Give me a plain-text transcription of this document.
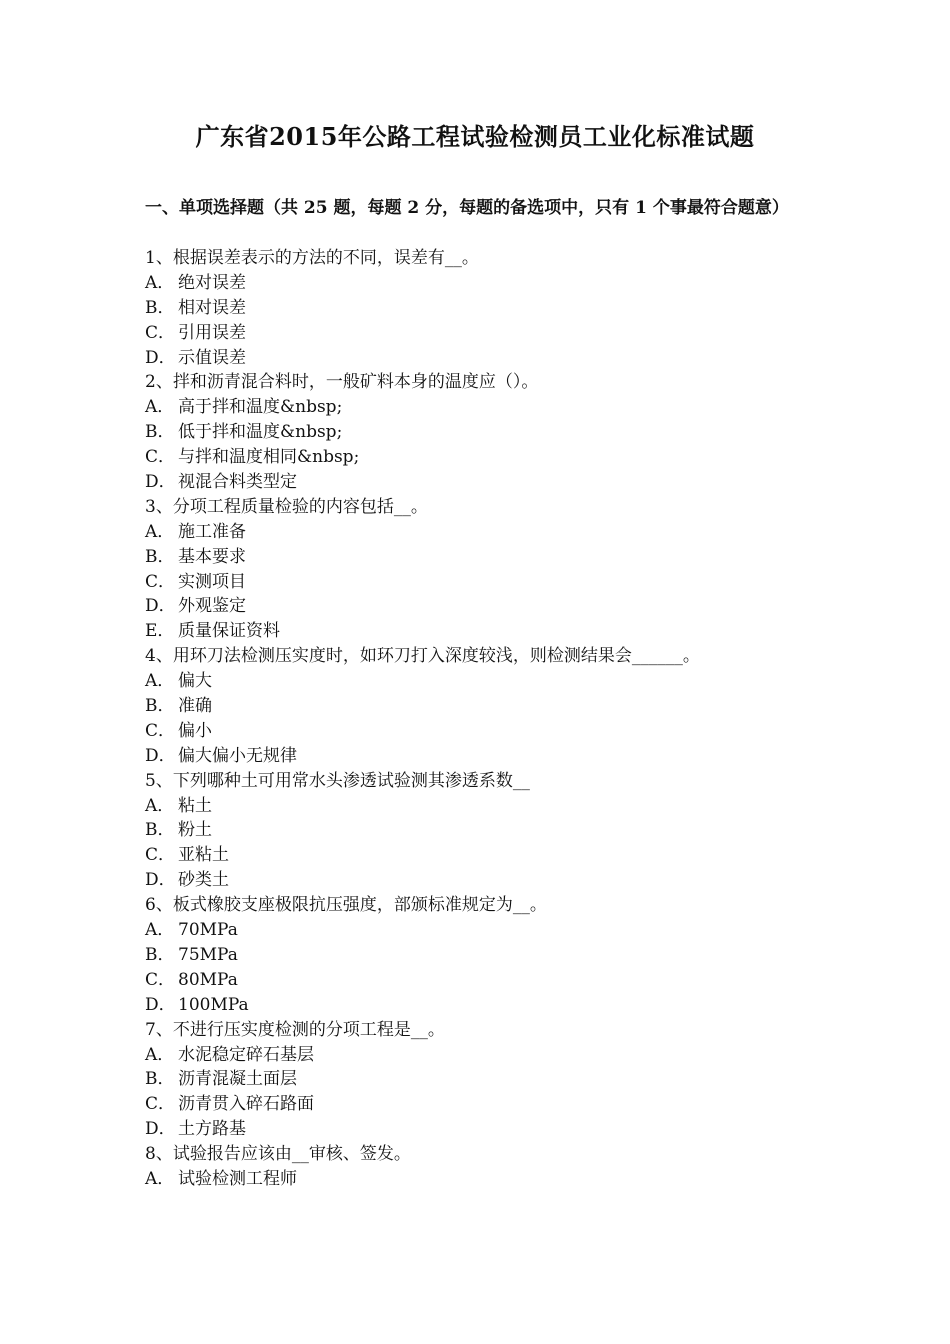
广东省2015年公路工程试验检测员工业化标准试题
一、单项选择题（共 25 题，每题 2 分，每题的备选项中，只有 1 个事最符合题意）
1、根据误差表示的方法的不同，误差有__。
A． 绝对误差
B． 相对误差
C． 引用误差
D． 示值误差
2、拌和沥青混合料时，一般矿料本身的温度应（）。
A． 高于拌和温度&nbsp;
B． 低于拌和温度&nbsp;
C． 与拌和温度相同&nbsp;
D． 视混合料类型定
3、分项工程质量检验的内容包括__。
A． 施工准备
B． 基本要求
C． 实测项目
D． 外观鉴定
E． 质量保证资料
4、用环刀法检测压实度时，如环刀打入深度较浅，则检测结果会______。
A． 偏大
B． 准确
C． 偏小
D． 偏大偏小无规律
5、下列哪种土可用常水头渗透试验测其渗透系数__
A． 粘土
B． 粉土
C． 亚粘土
D． 砂类土
6、板式橡胶支座极限抗压强度，部颁标准规定为__。
A． 70MPa
B． 75MPa
C． 80MPa
D． 100MPa
7、不进行压实度检测的分项工程是__。
A． 水泥稳定碎石基层
B． 沥青混凝土面层
C． 沥青贯入碎石路面
D． 土方路基
8、试验报告应该由__审核、签发。
A． 试验检测工程师
